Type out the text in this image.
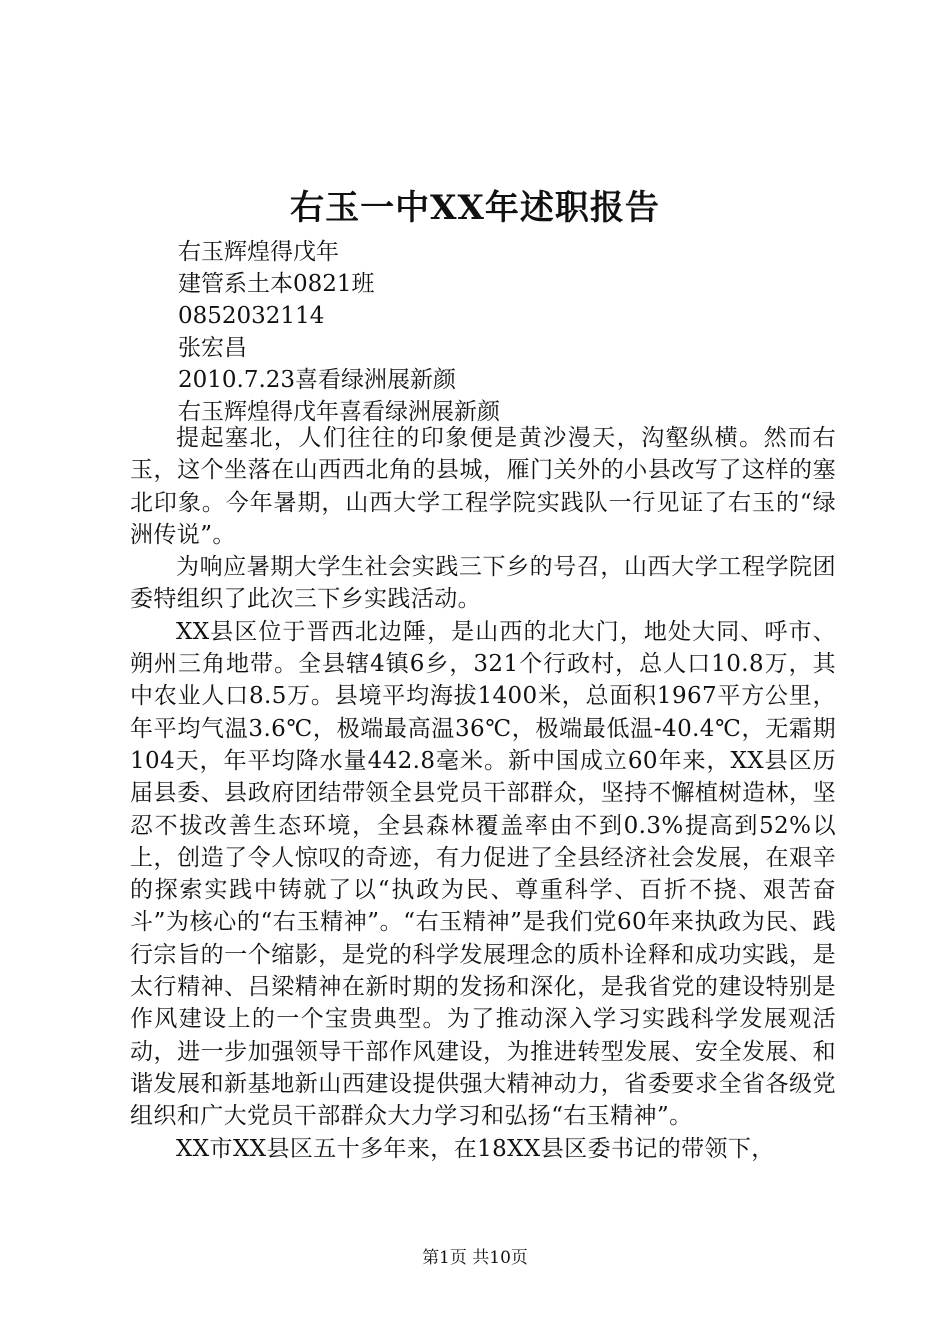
右玉一中XX年述职报告
右玉辉煌得戊年
建管系土本0821班
0852032114
张宏昌
2010.7.23喜看绿洲展新颜
右玉辉煌得戊年喜看绿洲展新颜

提起塞北，人们往往的印象便是黄沙漫天，沟壑纵横。然而右玉，这个坐落在山西西北角的县城，雁门关外的小县改写了这样的塞北印象。今年暑期，山西大学工程学院实践队一行见证了右玉的“绿洲传说”。

为响应暑期大学生社会实践三下乡的号召，山西大学工程学院团委特组织了此次三下乡实践活动。

XX县区位于晋西北边陲，是山西的北大门，地处大同、呼市、朔州三角地带。全县辖4镇6乡，321个行政村，总人口10.8万，其中农业人口8.5万。县境平均海拔1400米，总面积1967平方公里，年平均气温3.6℃，极端最高温36℃，极端最低温-40.4℃，无霜期104天，年平均降水量442.8毫米。新中国成立60年来，XX县区历届县委、县政府团结带领全县党员干部群众，坚持不懈植树造林，坚忍不拔改善生态环境，全县森林覆盖率由不到0.3%提高到52%以上，创造了令人惊叹的奇迹，有力促进了全县经济社会发展，在艰辛的探索实践中铸就了以“执政为民、尊重科学、百折不挠、艰苦奋斗”为核心的“右玉精神”。“右玉精神”是我们党60年来执政为民、践行宗旨的一个缩影，是党的科学发展理念的质朴诠释和成功实践，是太行精神、吕梁精神在新时期的发扬和深化，是我省党的建设特别是作风建设上的一个宝贵典型。为了推动深入学习实践科学发展观活动，进一步加强领导干部作风建设，为推进转型发展、安全发展、和谐发展和新基地新山西建设提供强大精神动力，省委要求全省各级党组织和广大党员干部群众大力学习和弘扬“右玉精神”。

XX市XX县区五十多年来，在18XX县区委书记的带领下，

第1页 共10页
